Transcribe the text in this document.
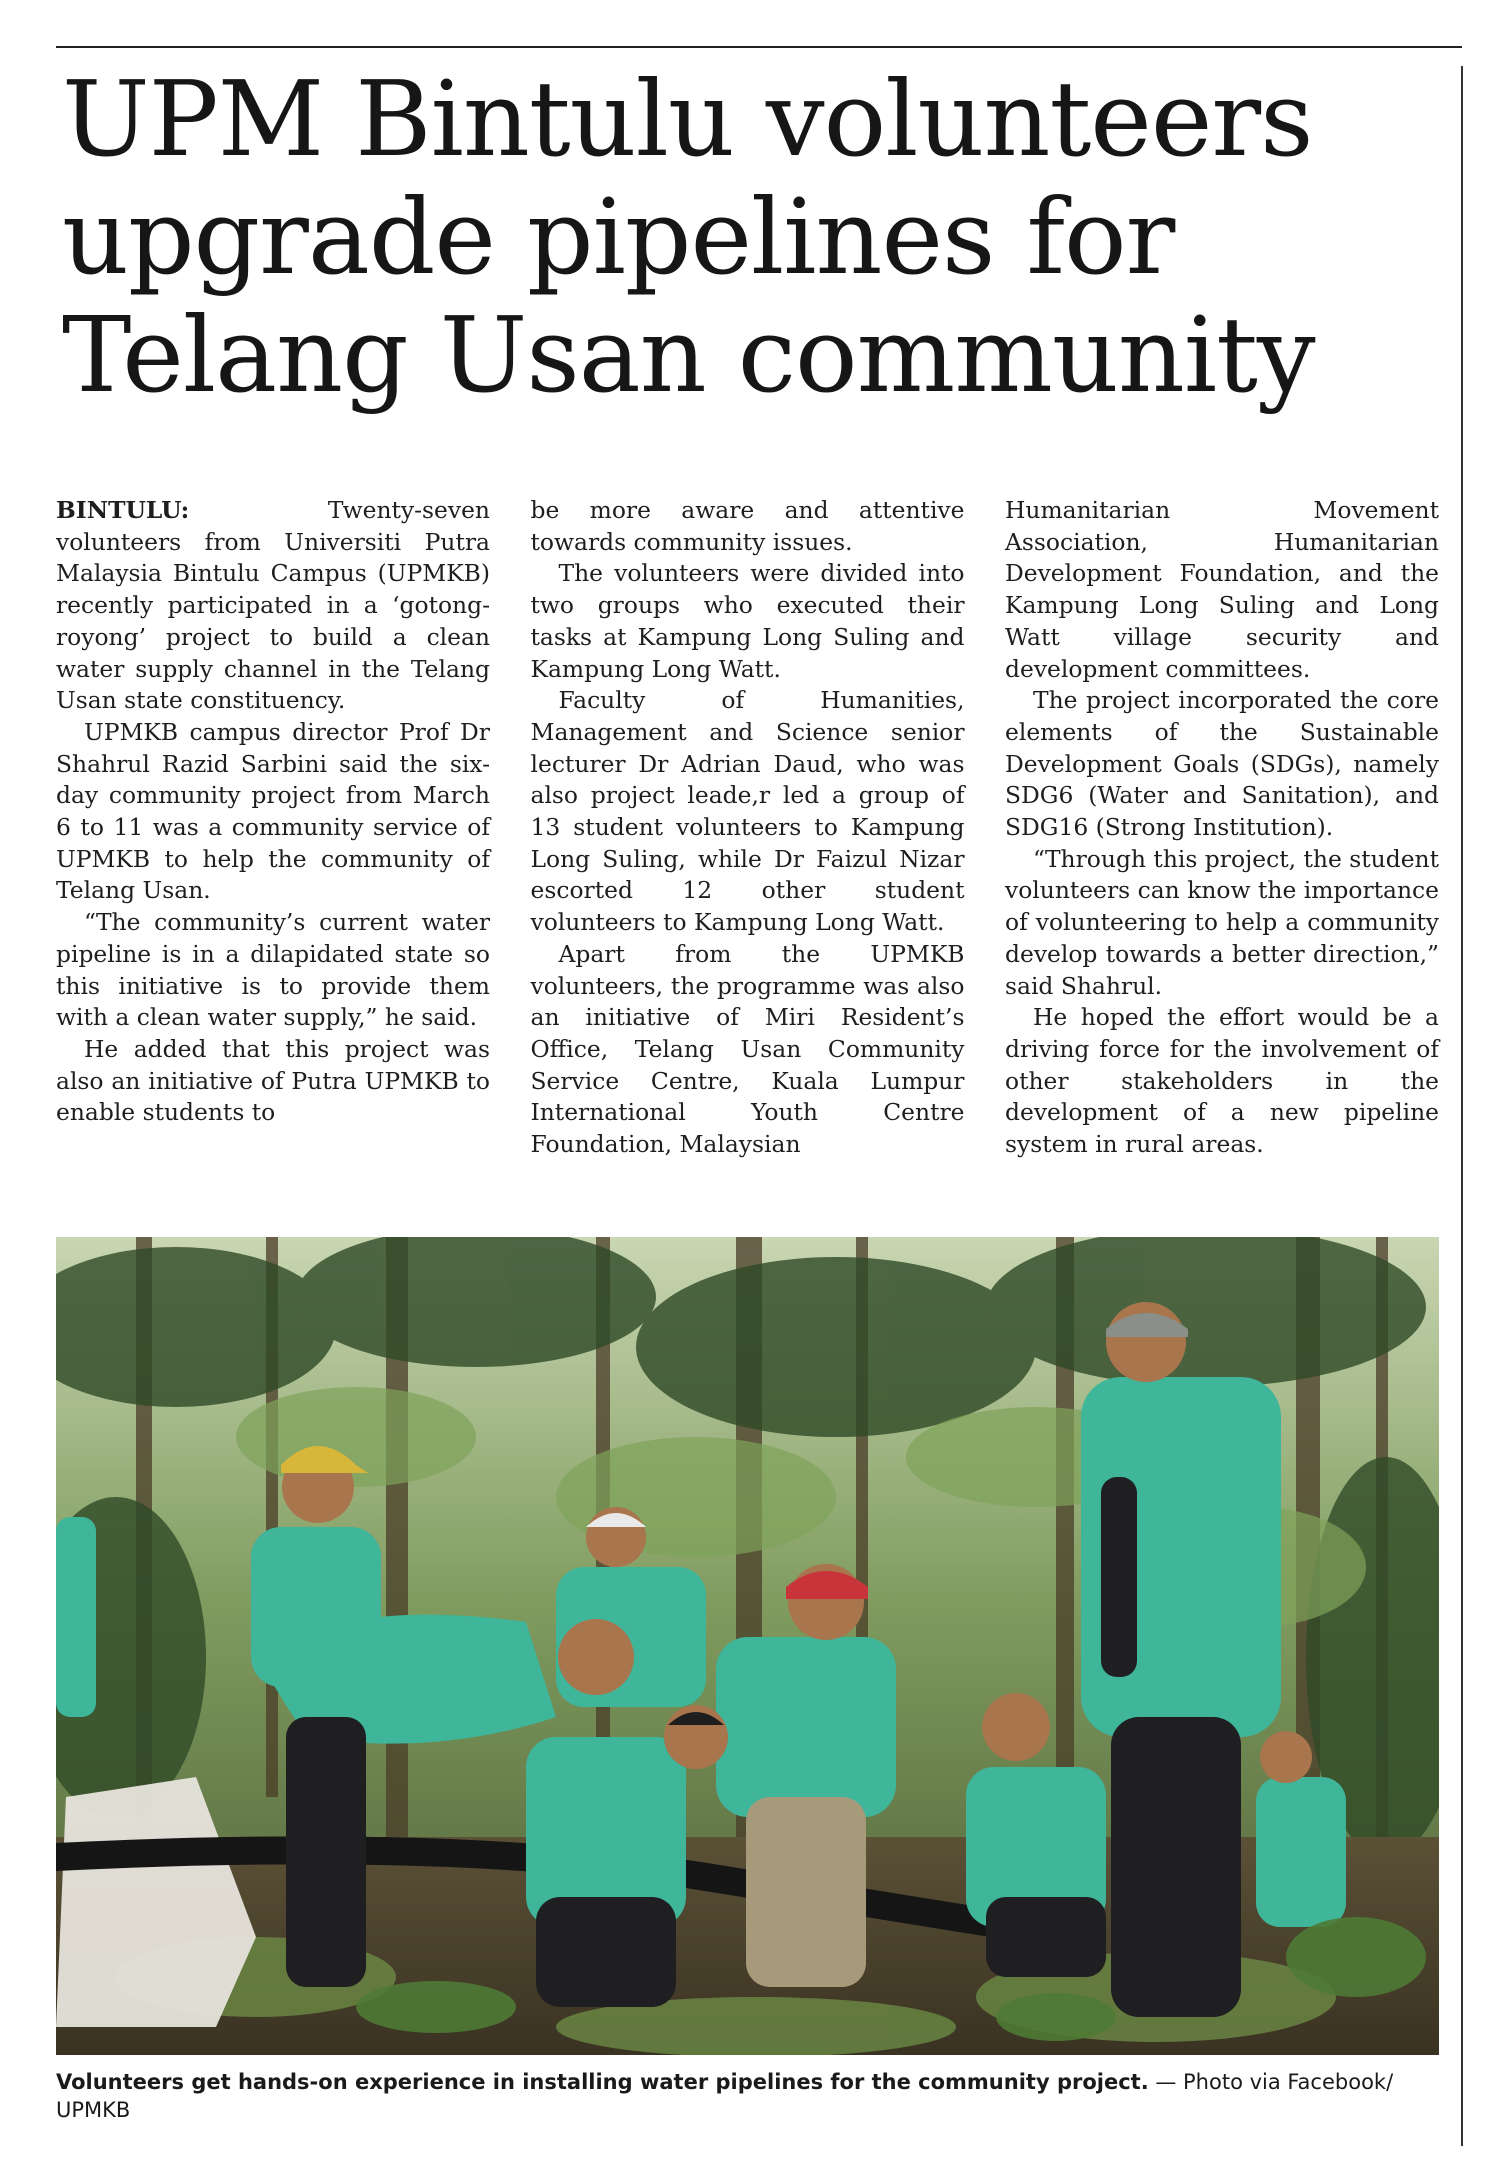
UPM Bintulu volunteers upgrade pipelines for Telang Usan community

BINTULU:	Twenty-seven volunteers from Universiti Putra Malaysia Bintulu Campus (UPMKB) recently participated in a ‘gotong-royong’ project to build a clean water supply channel in the Telang Usan state constituency.

UPMKB campus director Prof Dr Shahrul Razid Sarbini said the six-day community project from March 6 to 11 was a community service of UPMKB to help the community of Telang Usan.

“The community’s current water pipeline is in a dilapidated state so this initiative is to provide them with a clean water supply,” he said.

He added that this project was also an initiative of Putra UPMKB to enable students to

be more aware and attentive towards community issues.

The volunteers were divided into two groups who executed their tasks at Kampung Long Suling and Kampung Long Watt.

Faculty of Humanities, Management and Science senior lecturer Dr Adrian Daud, who was also project leade,r led a group of 13 student volunteers to Kampung Long Suling, while Dr Faizul Nizar escorted 12 other student volunteers to Kampung Long Watt.

Apart from the UPMKB volunteers, the programme was also an initiative of Miri Resident’s Office, Telang Usan Community Service Centre, Kuala Lumpur International Youth Centre Foundation, Malaysian

Humanitarian Movement Association, Humanitarian Development Foundation, and the Kampung Long Suling and Long Watt village security and development committees.

The project incorporated the core elements of the Sustainable Development Goals (SDGs), namely SDG6 (Water and Sanitation), and SDG16 (Strong Institution).

“Through this project, the student volunteers can know the importance of volunteering to help a community develop towards a better direction,” said Shahrul.

He hoped the effort would be a driving force for the involvement of other stakeholders in the development of a new pipeline system in rural areas.

Volunteers get hands-on experience in installing water pipelines for the community project. — Photo via Facebook/ UPMKB
